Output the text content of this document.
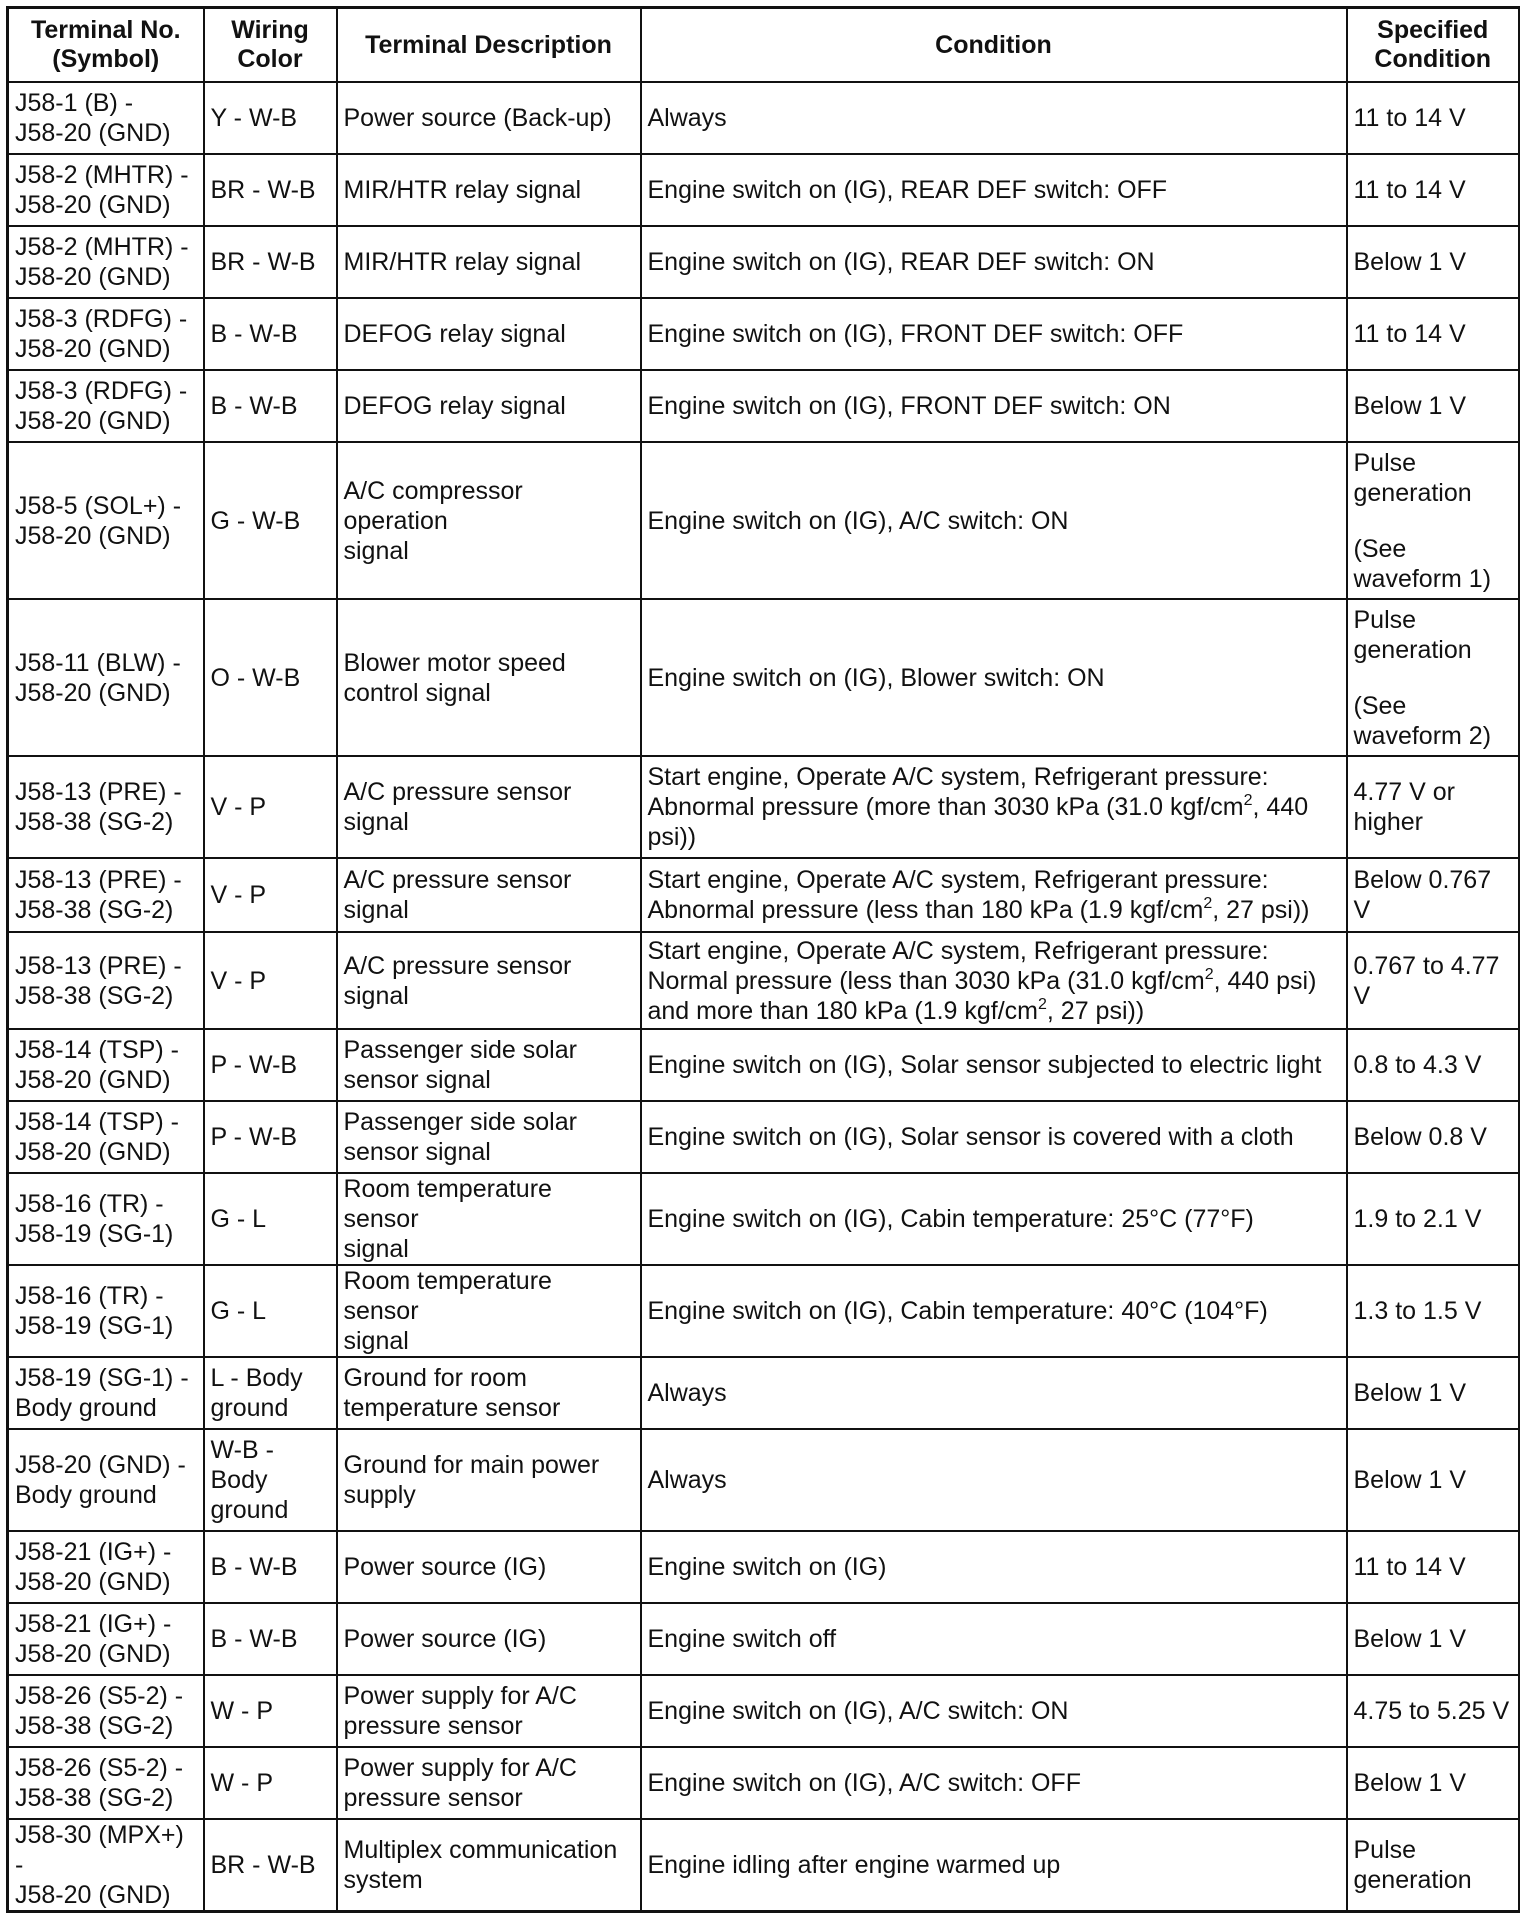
Terminal No.
(Symbol)	Wiring
Color	Terminal Description	Condition	Specified
Condition

J58-1 (B) -
J58-20 (GND)	Y - W-B	Power source (Back-up)	Always	11 to 14 V

J58-2 (MHTR) -
J58-20 (GND)	BR - W-B	MIR/HTR relay signal	Engine switch on (IG), REAR DEF switch: OFF	11 to 14 V

J58-2 (MHTR) -
J58-20 (GND)	BR - W-B	MIR/HTR relay signal	Engine switch on (IG), REAR DEF switch: ON	Below 1 V

J58-3 (RDFG) -
J58-20 (GND)	B - W-B	DEFOG relay signal	Engine switch on (IG), FRONT DEF switch: OFF	11 to 14 V

J58-3 (RDFG) -
J58-20 (GND)	B - W-B	DEFOG relay signal	Engine switch on (IG), FRONT DEF switch: ON	Below 1 V

J58-5 (SOL+) -
J58-20 (GND)	G - W-B	A/C compressor operation
signal	Engine switch on (IG), A/C switch: ON	Pulse
generation
(See
waveform 1)

J58-11 (BLW) -
J58-20 (GND)	O - W-B	Blower motor speed
control signal	Engine switch on (IG), Blower switch: ON	Pulse
generation
(See
waveform 2)

J58-13 (PRE) -
J58-38 (SG-2)	V - P	A/C pressure sensor
signal	Start engine, Operate A/C system, Refrigerant pressure:
Abnormal pressure (more than 3030 kPa (31.0 kgf/$cm^2$, 440
psi))	4.77 V or
higher

J58-13 (PRE) -
J58-38 (SG-2)	V - P	A/C pressure sensor
signal	Start engine, Operate A/C system, Refrigerant pressure:
Abnormal pressure (less than 180 kPa (1.9 kgf/$cm^2$, 27 psi))	Below 0.767
V

J58-13 (PRE) -
J58-38 (SG-2)	V - P	A/C pressure sensor
signal	Start engine, Operate A/C system, Refrigerant pressure:
Normal pressure (less than 3030 kPa (31.0 kgf/$cm^2$, 440 psi)
and more than 180 kPa (1.9 kgf/$cm^2$, 27 psi))	0.767 to 4.77
V

J58-14 (TSP) -
J58-20 (GND)	P - W-B	Passenger side solar
sensor signal	Engine switch on (IG), Solar sensor subjected to electric light	0.8 to 4.3 V

J58-14 (TSP) -
J58-20 (GND)	P - W-B	Passenger side solar
sensor signal	Engine switch on (IG), Solar sensor is covered with a cloth	Below 0.8 V

J58-16 (TR) -
J58-19 (SG-1)	G - L	Room temperature sensor
signal	Engine switch on (IG), Cabin temperature: 25°C (77°F)	1.9 to 2.1 V

J58-16 (TR) -
J58-19 (SG-1)	G - L	Room temperature sensor
signal	Engine switch on (IG), Cabin temperature: 40°C (104°F)	1.3 to 1.5 V

J58-19 (SG-1) -
Body ground	L - Body
ground	Ground for room
temperature sensor	Always	Below 1 V

J58-20 (GND) -
Body ground	W-B -
Body
ground	Ground for main power
supply	Always	Below 1 V

J58-21 (IG+) -
J58-20 (GND)	B - W-B	Power source (IG)	Engine switch on (IG)	11 to 14 V

J58-21 (IG+) -
J58-20 (GND)	B - W-B	Power source (IG)	Engine switch off	Below 1 V

J58-26 (S5-2) -
J58-38 (SG-2)	W - P	Power supply for A/C
pressure sensor	Engine switch on (IG), A/C switch: ON	4.75 to 5.25 V

J58-26 (S5-2) -
J58-38 (SG-2)	W - P	Power supply for A/C
pressure sensor	Engine switch on (IG), A/C switch: OFF	Below 1 V

J58-30 (MPX+) -
J58-20 (GND)	BR - W-B	Multiplex communication
system	Engine idling after engine warmed up	Pulse
generation
